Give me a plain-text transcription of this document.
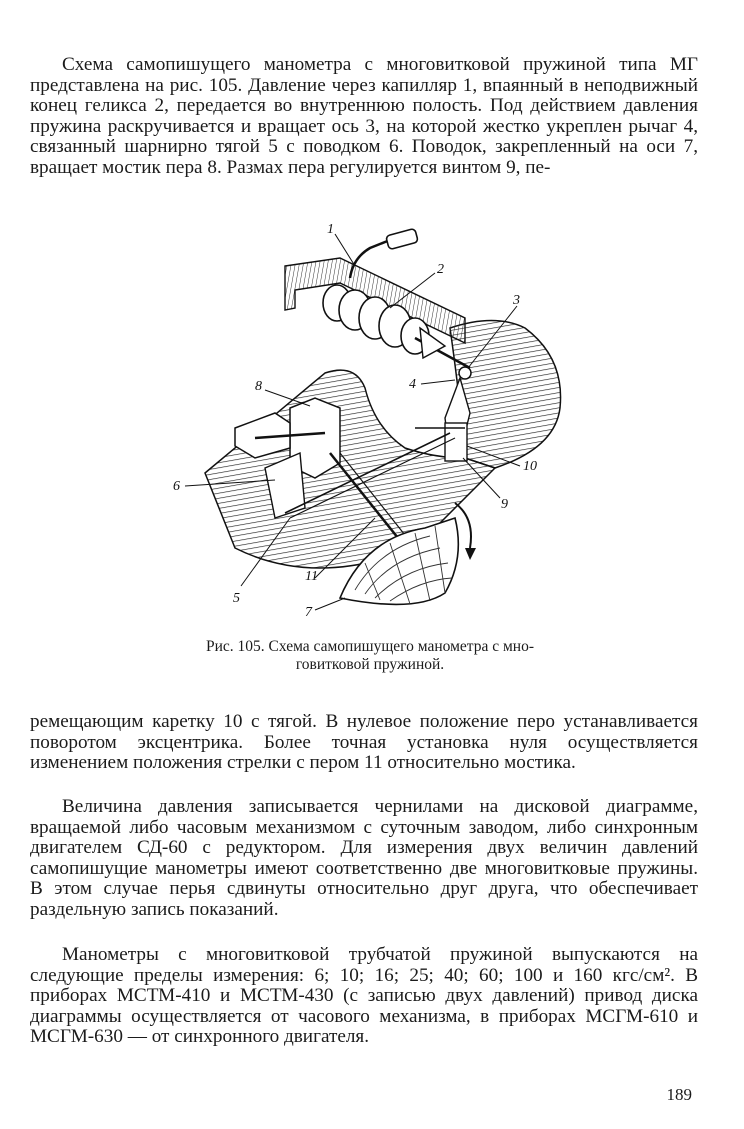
Схема самопишущего манометра с многовитковой пружиной типа МГ представлена на рис. 105. Давление через капилляр 1, впаянный в неподвижный конец геликса 2, передается во внутреннюю полость. Под действием давления пружина раскручивается и вращает ось 3, на которой жестко укреплен рычаг 4, связанный шарнирно тягой 5 с поводком 6. Поводок, закрепленный на оси 7, вращает мостик пера 8. Размах пера регулируется винтом 9, пе-

1
2
3
4
8
6
5
11
7
9
10
Рис. 105. Схема самопишущего манометра с мно-
говитковой пружиной.

ремещающим каретку 10 с тягой. В нулевое положение перо устанавливается поворотом эксцентрика. Более точная установка нуля осуществляется изменением положения стрелки с пером 11 относительно мостика.

Величина давления записывается чернилами на дисковой диаграмме, вращаемой либо часовым механизмом с суточным заводом, либо синхронным двигателем СД-60 с редуктором. Для измерения двух величин давлений самопишущие манометры имеют соответственно две многовитковые пружины. В этом случае перья сдвинуты относительно друг друга, что обеспечивает раздельную запись показаний.

Манометры с многовитковой трубчатой пружиной выпускаются на следующие пределы измерения: 6; 10; 16; 25; 40; 60; 100 и 160 кгс/см². В приборах МСТМ-410 и МСТМ-430 (с записью двух давлений) привод диска диаграммы осуществляется от часового механизма, в приборах МСГМ-610 и МСГМ-630 — от синхронного двигателя.

189
